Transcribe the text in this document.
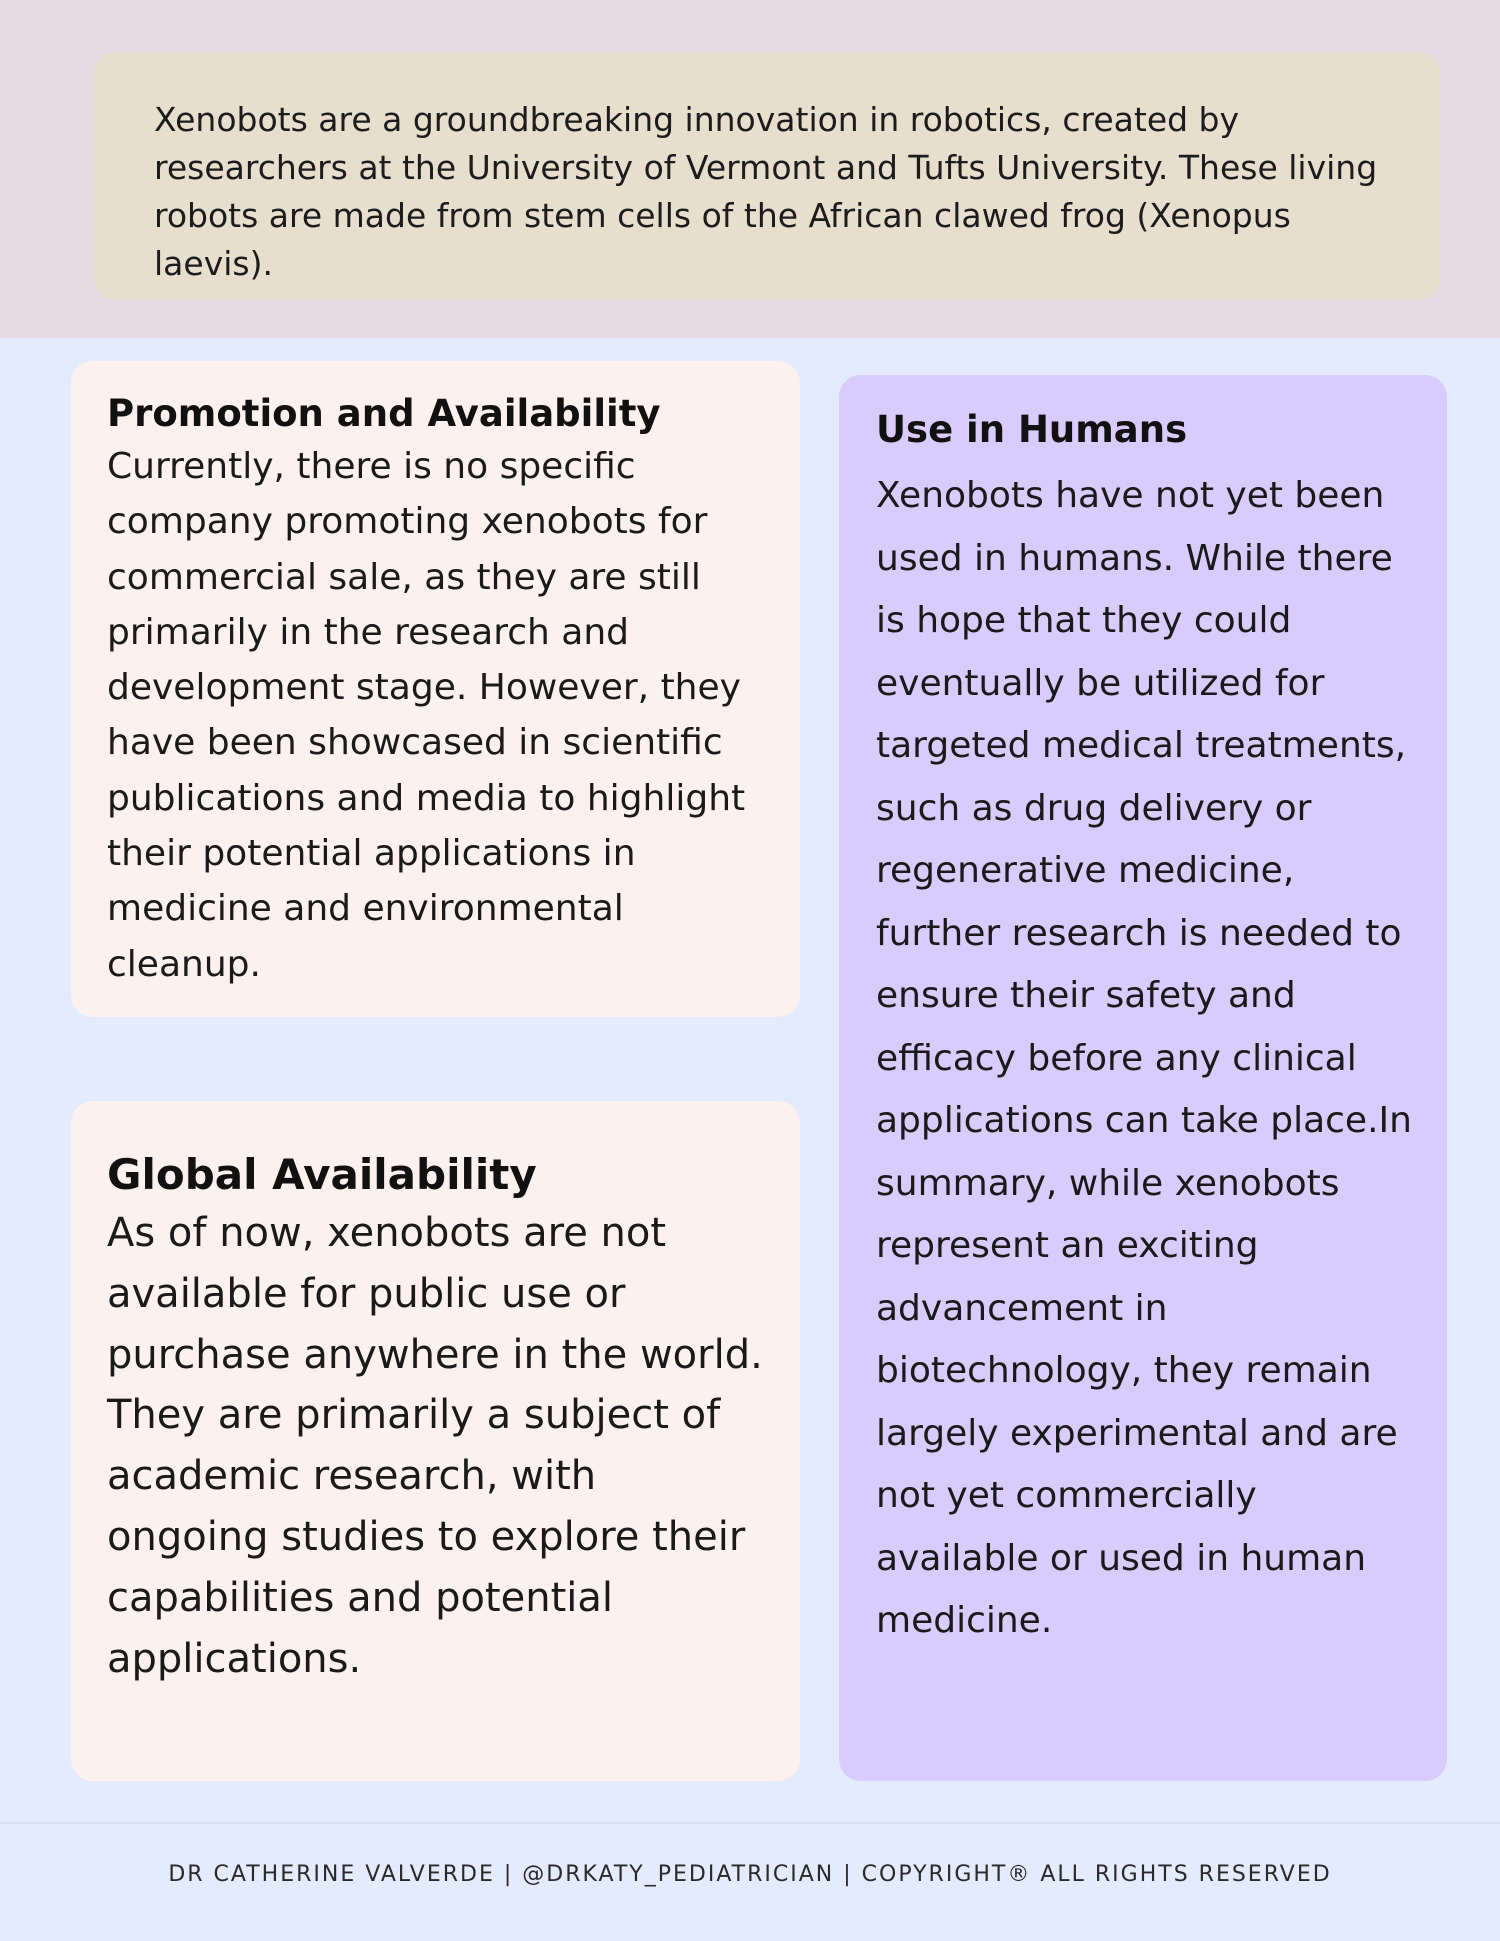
Xenobots are a groundbreaking innovation in robotics, created by researchers at the University of Vermont and Tufts University. These living robots are made from stem cells of the African clawed frog (Xenopus laevis).

Promotion and Availability

Currently, there is no specific company promoting xenobots for commercial sale, as they are still primarily in the research and development stage. However, they have been showcased in scientific publications and media to highlight their potential applications in medicine and environmental cleanup.

Global Availability

As of now, xenobots are not available for public use or purchase anywhere in the world. They are primarily a subject of academic research, with ongoing studies to explore their capabilities and potential applications.

Use in Humans

Xenobots have not yet been used in humans. While there is hope that they could eventually be utilized for targeted medical treatments, such as drug delivery or regenerative medicine, further research is needed to ensure their safety and efficacy before any clinical applications can take place.In summary, while xenobots represent an exciting advancement in biotechnology, they remain largely experimental and are not yet commercially available or used in human medicine.

DR CATHERINE VALVERDE | @DRKATY_PEDIATRICIAN | COPYRIGHT® ALL RIGHTS RESERVED
